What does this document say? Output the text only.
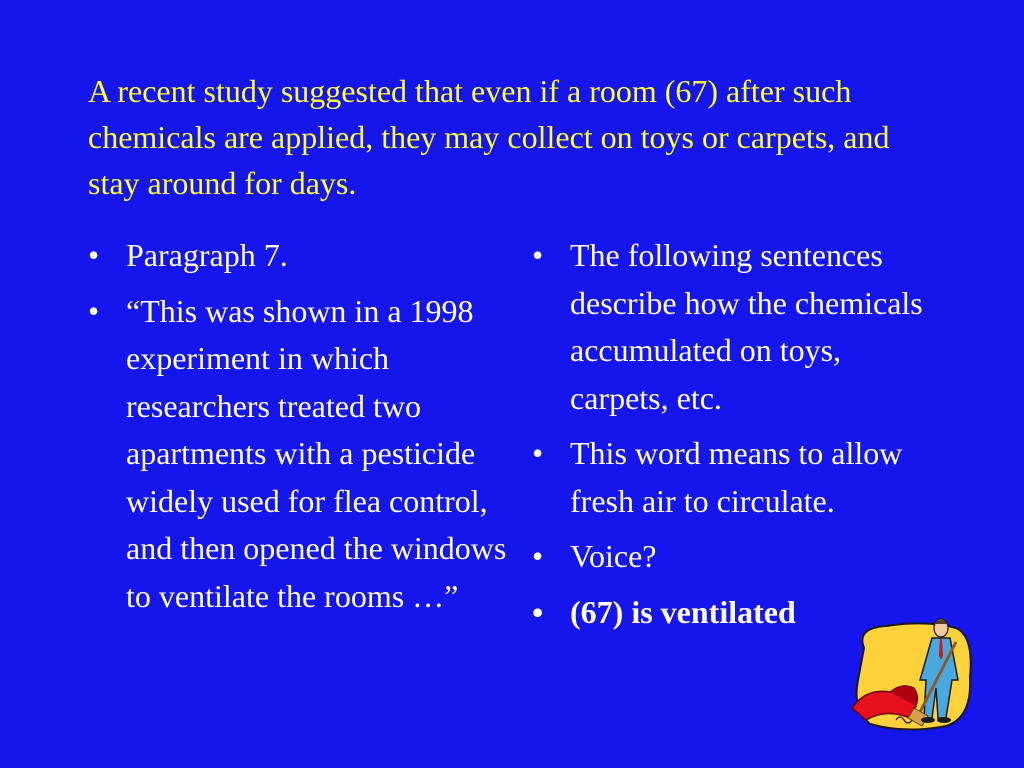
A recent study suggested that even if a room (67) after such chemicals are applied, they may collect on toys or carpets, and stay around for days.

• Paragraph 7.
• “This was shown in a 1998 experiment in which researchers treated two apartments with a pesticide widely used for flea control, and then opened the windows to ventilate the rooms …”
• The following sentences describe how the chemicals accumulated on toys, carpets, etc.
• This word means to allow fresh air to circulate.
• Voice?
• (67) is ventilated
